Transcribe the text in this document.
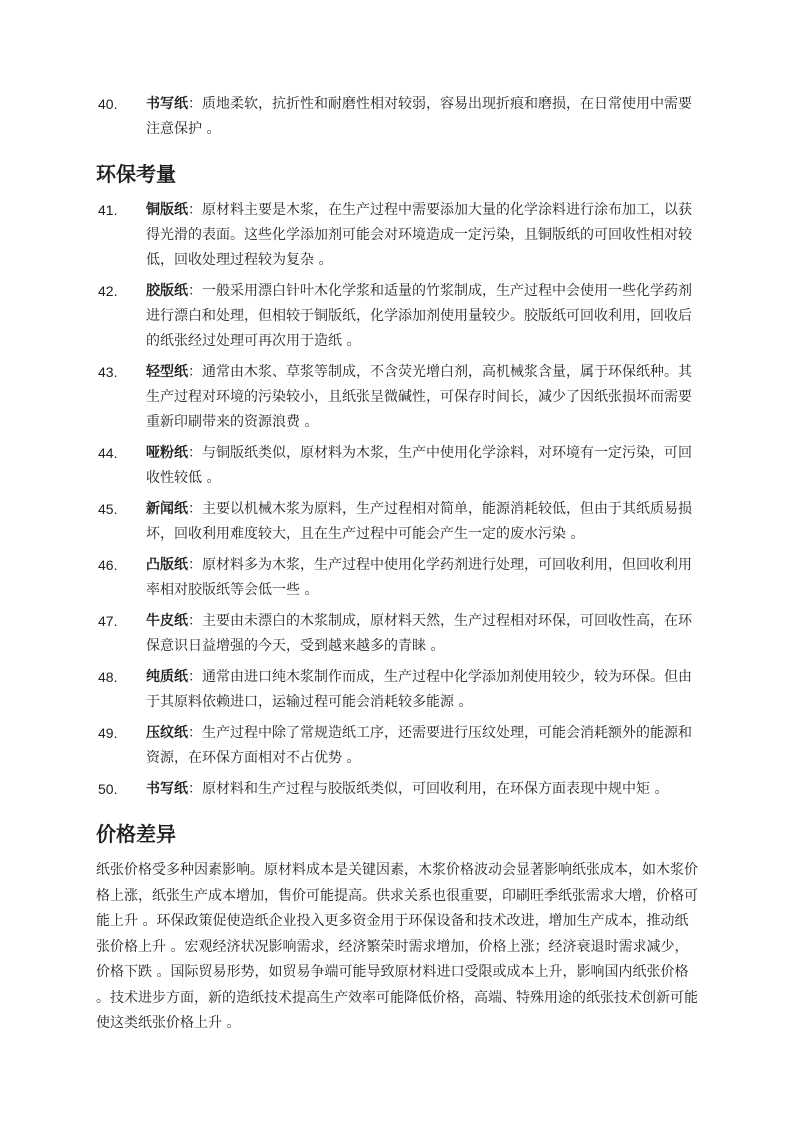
40.	书写纸：质地柔软，抗折性和耐磨性相对较弱，容易出现折痕和磨损，在日常使用中需要注意保护 。
环保考量
41.	铜版纸：原材料主要是木浆，在生产过程中需要添加大量的化学涂料进行涂布加工，以获得光滑的表面。这些化学添加剂可能会对环境造成一定污染，且铜版纸的可回收性相对较低，回收处理过程较为复杂 。
42.	胶版纸：一般采用漂白针叶木化学浆和适量的竹浆制成，生产过程中会使用一些化学药剂进行漂白和处理，但相较于铜版纸，化学添加剂使用量较少。胶版纸可回收利用，回收后的纸张经过处理可再次用于造纸 。
43.	轻型纸：通常由木浆、草浆等制成，不含荧光增白剂，高机械浆含量，属于环保纸种。其生产过程对环境的污染较小，且纸张呈微碱性，可保存时间长，减少了因纸张损坏而需要重新印刷带来的资源浪费 。
44.	哑粉纸：与铜版纸类似，原材料为木浆，生产中使用化学涂料，对环境有一定污染，可回收性较低 。
45.	新闻纸：主要以机械木浆为原料，生产过程相对简单，能源消耗较低，但由于其纸质易损坏，回收利用难度较大，且在生产过程中可能会产生一定的废水污染 。
46.	凸版纸：原材料多为木浆，生产过程中使用化学药剂进行处理，可回收利用，但回收利用率相对胶版纸等会低一些 。
47.	牛皮纸：主要由未漂白的木浆制成，原材料天然，生产过程相对环保，可回收性高，在环保意识日益增强的今天，受到越来越多的青睐 。
48.	纯质纸：通常由进口纯木浆制作而成，生产过程中化学添加剂使用较少，较为环保。但由于其原料依赖进口，运输过程可能会消耗较多能源 。
49.	压纹纸：生产过程中除了常规造纸工序，还需要进行压纹处理，可能会消耗额外的能源和资源，在环保方面相对不占优势 。
50.	书写纸：原材料和生产过程与胶版纸类似，可回收利用，在环保方面表现中规中矩 。
价格差异
纸张价格受多种因素影响。原材料成本是关键因素，木浆价格波动会显著影响纸张成本，如木浆价格上涨，纸张生产成本增加，售价可能提高。供求关系也很重要，印刷旺季纸张需求大增，价格可能上升 。环保政策促使造纸企业投入更多资金用于环保设备和技术改进，增加生产成本，推动纸张价格上升 。宏观经济状况影响需求，经济繁荣时需求增加，价格上涨；经济衰退时需求减少，价格下跌 。国际贸易形势，如贸易争端可能导致原材料进口受限或成本上升，影响国内纸张价格 。技术进步方面，新的造纸技术提高生产效率可能降低价格，高端、特殊用途的纸张技术创新可能使这类纸张价格上升 。
